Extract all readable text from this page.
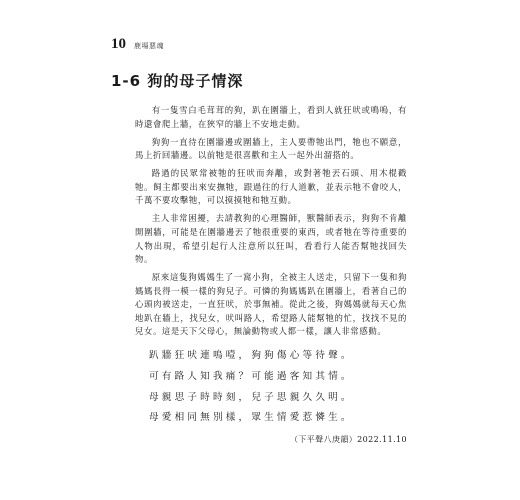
10 鹿場悪魂
1-6 狗的母子情深

有一隻雪白毛茸茸的狗，趴在圍牆上，看到人就狂吠或鳴嗚，有時還會爬上牆，在狹窄的牆上不安地走動。

狗狗一直待在圍牆邊或圍牆上，主人要帶牠出門，牠也不願意，馬上折回牆邊。以前牠是很喜歡和主人一起外出溜搭的。

路過的民眾常被牠的狂吠而奔離，或對著牠丟石頭、用木棍戳牠。飼主都要出來安撫牠，跟過往的行人道歉，並表示牠不會咬人，千萬不要攻擊牠，可以摸摸牠和牠互動。

主人非常困擾，去請教狗的心理醫師，獸醫師表示，狗狗不肯離開圍牆，可能是在圍牆邊丟了牠很重要的東西，或者牠在等待重要的人物出現，希望引起行人注意所以狂叫，看看行人能否幫牠找回失物。

原來這隻狗媽媽生了一窩小狗，全被主人送走，只留下一隻和狗媽媽長得一模一樣的狗兒子。可憐的狗媽媽趴在圍牆上，看著自己的心頭肉被送走，一直狂吠，於事無補。從此之後，狗媽媽就每天心焦地趴在牆上，找兒女，吠叫路人，希望路人能幫牠的忙，找找不見的兒女。這是天下父母心，無論動物或人都一樣，讓人非常感動。

趴牆狂吠連嗚噎，狗狗傷心等待聲。
可有路人知我痛？可能過客知其情。
母親思子時時刻，兒子思親久久明。
母愛相同無別樣，眾生情愛惹憐生。
（下平聲八庚韻）2022.11.10
